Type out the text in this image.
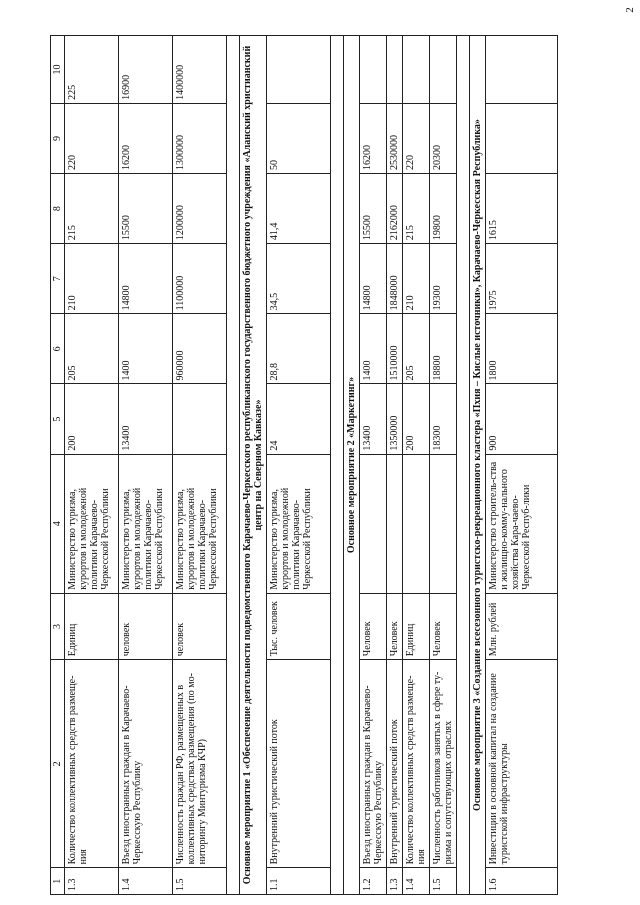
2
1	2	3	4	5	6	7	8	9	10
1.3	Количество коллективных средств размеще-ния	Единиц	Министерство туризма, курортов и молодежной политики Карачаево-Черкесской Республики	200	205	210	215	220	225
1.4	Въезд иностранных граждан в Карачаево-Черкесскую Республику	человек	Министерство туризма, курортов и молодежной политики Карачаево-Черкесской Республики	13400	1400	14800	15500	16200	16900
1.5	Численность граждан РФ, размещенных в коллективных средствах размещения (по мо-ниторингу Минтуризма КЧР)	человек	Министерство туризма, курортов и молодежной политики Карачаево-Черкесской Республики		960000	1100000	1200000	1300000	1400000

Основное мероприятие 1 «Обеспечение деятельности подведомственного Карачаево-Черкесского республиканского государственного бюджетного учреждения «Аланский христианский центр на Северном Кавказе»									
1.1	Внутренний туристический поток	Тыс. человек	Министерство туризма, курортов и молодежной политики Карачаево-Черкесской Республики	24	28,8	34,5	41,4	50	

Основное мероприятие 2 «Маркетинг»									
1.2	Въезд иностранных граждан в Карачаево-Черкесскую Республику	Человек		13400	1400	14800	15500	16200	
1.3	Внутренний туристический поток	Человек		1350000	1510000	1848000	2162000	2530000	
1.4	Количество коллективных средств размеще-ния	Единиц		200	205	210	215	220	
1.5	Численность работников занятых в сфере ту-ризма и сопутствующих отраслях	Человек		18300	18800	19300	19800	20300	

Основное мероприятие 3 «Создание всесезонного туристско-рекреационного кластера «Пхия – Кислые источники», Карачаево-Черкесская Республика»									
1.6	Инвестиции в основной капитал на создание туристской инфраструктуры	Млн. рублей	Министерство строитель-ства и жилищно-комму-нального хозяйства Кара-чаево-Черкесской Респуб-лики	900	1800	1975	1615		
